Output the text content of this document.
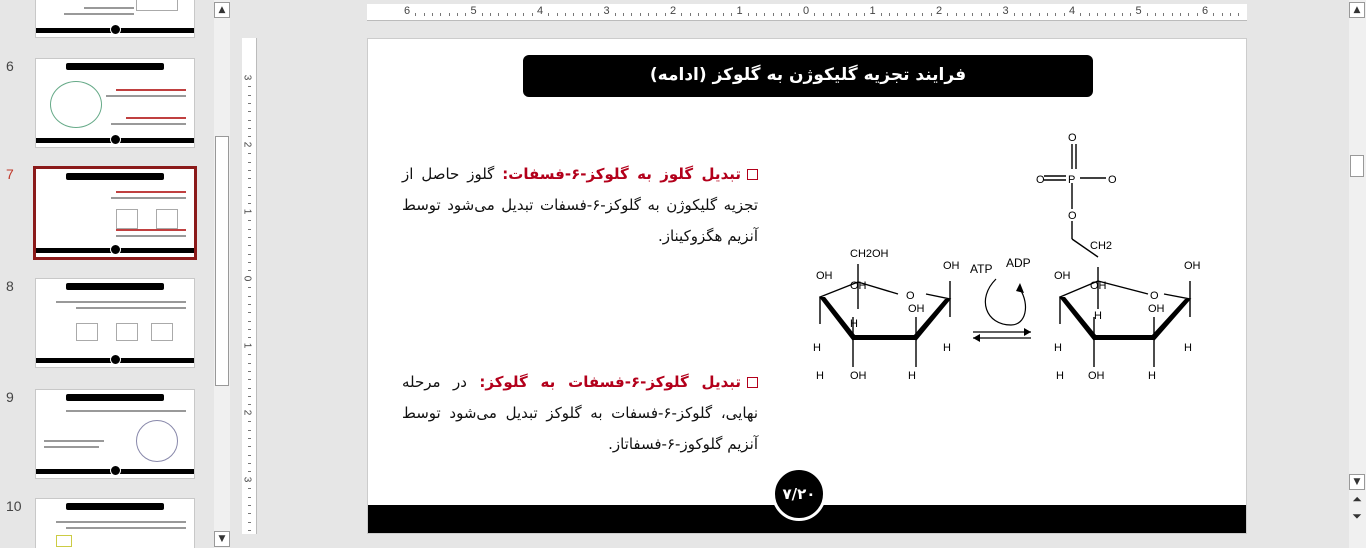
6
7
8
9
10
▲
▼
6	5	4	3	2	1	0	1	2	3	4	5	6
3
2
1
0
1
2
3
فرایند تجزیه گلیکوژن به گلوکز (ادامه)
تبدیل گلوز به گلوکز-۶-فسفات: گلوز حاصل از تجزیه گلیکوژن به گلوکز-۶-فسفات تبدیل می‌شود توسط آنزیم هگزوکیناز.
تبدیل گلوکز-۶-فسفات به گلوکز: در مرحله نهایی، گلوکز-۶-فسفات به گلوکز تبدیل می‌شود توسط آنزیم گلوکوز-۶-فسفاتاز.
CH2OH
O
OH
H
H
OH
OH	H
OH
H
OH
H
ATP ADP
O
O P	O
O
CH2
O
OH
H
H
OH
OH	H
OH
H
OH
H
۷/۲۰
▲
▼
⏶
⏷
